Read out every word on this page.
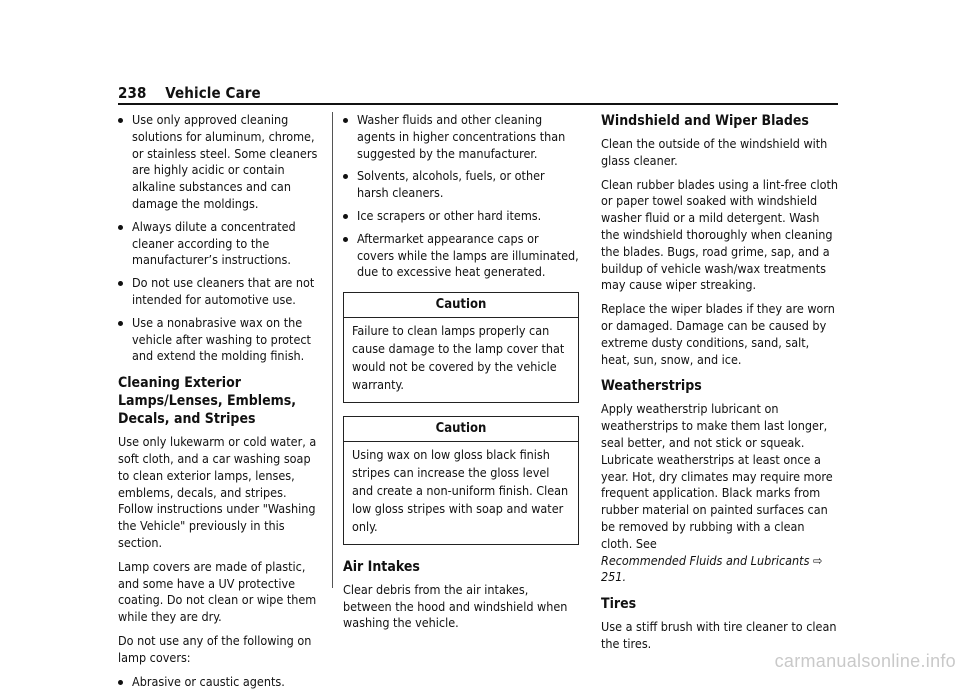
238 Vehicle Care
Use only approved cleaning solutions for aluminum, chrome, or stainless steel. Some cleaners are highly acidic or contain alkaline substances and can damage the moldings.
Always dilute a concentrated cleaner according to the manufacturer’s instructions.
Do not use cleaners that are not intended for automotive use.
Use a nonabrasive wax on the vehicle after washing to protect and extend the molding finish.
Cleaning Exterior Lamps/Lenses, Emblems, Decals, and Stripes

Use only lukewarm or cold water, a soft cloth, and a car washing soap to clean exterior lamps, lenses, emblems, decals, and stripes. Follow instructions under "Washing the Vehicle" previously in this section.

Lamp covers are made of plastic, and some have a UV protective coating. Do not clean or wipe them while they are dry.

Do not use any of the following on lamp covers:

Abrasive or caustic agents.
Washer fluids and other cleaning agents in higher concentrations than suggested by the manufacturer.
Solvents, alcohols, fuels, or other harsh cleaners.
Ice scrapers or other hard items.
Aftermarket appearance caps or covers while the lamps are illuminated, due to excessive heat generated.
Caution
Failure to clean lamps properly can cause damage to the lamp cover that would not be covered by the vehicle warranty.
Caution
Using wax on low gloss black finish stripes can increase the gloss level and create a non-uniform finish. Clean low gloss stripes with soap and water only.
Air Intakes

Clear debris from the air intakes, between the hood and windshield when washing the vehicle.

Windshield and Wiper Blades

Clean the outside of the windshield with glass cleaner.

Clean rubber blades using a lint-free cloth or paper towel soaked with windshield washer fluid or a mild detergent. Wash the windshield thoroughly when cleaning the blades. Bugs, road grime, sap, and a buildup of vehicle wash/wax treatments may cause wiper streaking.

Replace the wiper blades if they are worn or damaged. Damage can be caused by extreme dusty conditions, sand, salt, heat, sun, snow, and ice.

Weatherstrips

Apply weatherstrip lubricant on weatherstrips to make them last longer, seal better, and not stick or squeak. Lubricate weatherstrips at least once a year. Hot, dry climates may require more frequent application. Black marks from rubber material on painted surfaces can be removed by rubbing with a clean cloth. See
Recommended Fluids and Lubricants ⇨ 251.

Tires

Use a stiff brush with tire cleaner to clean the tires.

carmanualsonline.info
